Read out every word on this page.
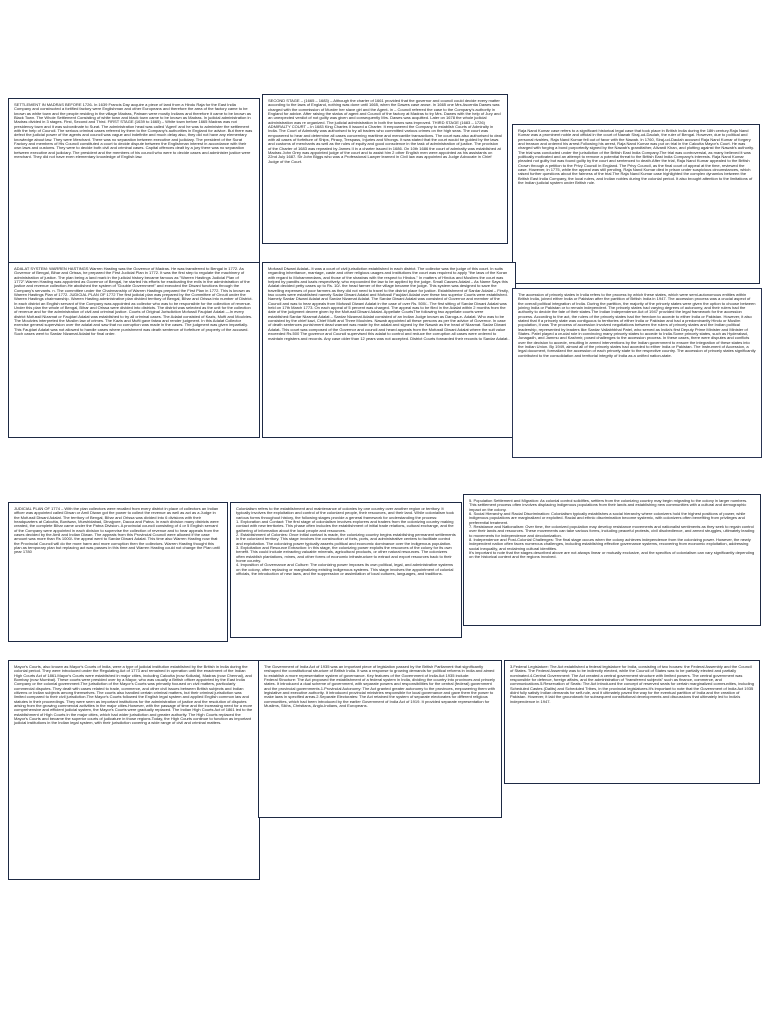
SETTLEMENT IN MADRAS BEFORE 1726- In 1639 Francis Day acquire a piece of land from a Hindu Raja for the East India Company and constructed a fortified factory were Englishman and other Europeans and therefore the area of the factory came to be known as white town and the people residing in the village Madras, Patnam were mostly Indians and therefore it came to be known as Black Town. The Whole Settlement Consisting of white town and black town came to be known as Madras. In judicial administration in Madras divided in 3 stages. First, Second and Third. FIRST STAGE (1639 to 1665) – White town before 1665 Madras was not presidency town and it was subordinate to Surat. The administration head was called 'Agent' and he was to administer the settlement with the help of Council. The serious criminal cases referred by them to the Company's authorities in England for advice. But there was defect the judicial power of the agents and council was vague and indefinite and much delay also, they did not have any elementary knowledge about law. They were Merchant. There was no separation between executive and judiciary. The president of the Surat Factory and members of His Council constituted a court to decide dispute between the Englishman interest in accordance with their own laws and customs. They were to decide both civil and criminal cases. Capital offences dealt by a jury there was no separation between executive and judiciary. The president and the members of his council who were to decide cases and administer justice were merchant. They did not have even elementary knowledge of English law.
SECOND STAGE – (1665 – 1683) – Although the charter of 1661 provided that the governor and council could decide every matter according to the laws of England, nothing was done until 1665, when the Dawes case arose. In 1665 one Mrs Ascentia Dawes was charged with the commission of Murder her slave girl and the Agent- in – Council referred the case to the Company's authority in England for advice. After raising the status of agent and Council of the factory at Madras to try Mrs. Dawes with the help of Jury and an unexpected verdict of not guilty was given and consequently Mrs. Dawes was acquitted. Later on 1678 the whole judicial administration was re organized. The judicial administration in both the towns was improved. THIRD STAGE (1683 – 1726) ADMIRALTY COURT – In 1683 King Charles II issued a Charter. It empowered the Company to establish Courts of Admiralty in India. The Court of Admiralty was authorised to try all traders who committed various crimes on the high seas. The court was empowered to hear and determine all cases concerning maritime and mercantile transactions. The court was also authorised to deal with all cases of forfeiture of Ships, Piracy, Trespass, Injuries and Wrongs. It was stated that the court would be guided by the laws and customs of merchants as well as the rules of equity and good conscience in the task of administration of justice. The provision of the Charter of 1683 was repeated by James II in a charter issued in 1686. On 10th 1686 the court of admiralty was established at Madras John Grey was appointed judge of the court and to assist him 2 other English men were appointed as his assistants on 22nd July 1687. Sir John Biggs who was a Professional Lawyer learned in Civil law was appointed as Judge Advocate in Chief Judge of the Court.
Raja Nand Kumar case refers to a significant historical legal case that took place in British India during the 18th century.Raja Nand Kumar was a prominent noble and official in the court of Nawab Siraj-ud-Daulah, the ruler of Bengal. However, due to political and personal rivalries, Raja Nand Kumar fell out of favor with the Nawab. In 1760, Siraj-ud-Daulah accused Raja Nand Kumar of forgery and treason and ordered his arrest.Following his arrest, Raja Nand Kumar was put on trial in the Calcutta Mayor's Court. He was charged with forging a bond purportedly signed by the Nawab's grandfather, Alivardi Khan, and plotting against the Nawab's authority. The trial was conducted under the jurisdiction of the British East India Company.The trial was controversial, as many believed it was politically motivated and an attempt to remove a potential threat to the British East India Company's interests. Raja Nand Kumar pleaded not guilty but was found guilty by the court and sentenced to death.After the trial, Raja Nand Kumar appealed to the British Crown through a petition to the Privy Council in England. The Privy Council, as the final court of appeal at the time, reviewed the case. However, in 1775, while the appeal was still pending, Raja Nand Kumar died in prison under suspicious circumstances, which raised further questions about the fairness of the trial.The Raja Nand Kumar case highlighted the complex dynamics between the British East India Company, the local rulers, and Indian nobles during the colonial period. It also brought attention to the limitations of the Indian judicial system under British rule.
ADALAT SYSTEM: WARREN HASTINGS Warren Hasting was the Governor of Madras. He was transferred to Bengal in 1772. As Governor of Bengal, Bihar and Orissa, he prepared the First Judicial Plan in 1772. It was the first step to regulate the machinery of administration of justice. The plan being a land mark in the judicial history became famous as "Warren Hastings Judicial Plan of 1772".Warren Hasting was appointed as Governor of Bengal, he started his efforts for eradicating the evils in the administration of the justice and revenue collection.He abolished the system of "Double Government" and executed the Diwani functions through the Company's servants. n. The committee under the Chairmanship of Warren Hastings prepared the First Plan in 1772. This is known as Warren Hastings Plan of 1772. JUDICIAL PLAN OF 1772 The first judicial plan was prepared by the Committee of Circuit under the Warren Hastings chairmanship. Warren Hasting administrative plan divided territory of Bengal, Bihar and Orissa into number of District. In each district an English servant of the Company was appointed as collector who was to be responsible for the collection of revenue. Under this plan the whole of Bengal, Bihar and Orissa were divided into districts. The district was selected as the unit for the collection of revenue and for the administration of civil and criminal justice. Courts of Original Jurisdiction Mofussil Faujdari Adalat —In every district Mofussil Nizamat or Faujdari Adalat was established to try all criminal cases. The Adalat consisted of Kazis, Mufti and Moulvies. The Moulvies interpreted the Muslim law of crimes. The Kazis and Mufti gave fatwa and render judgment. In this Adalat Collector exercise general supervision over the adalat and saw that no corruption was made in the cases. The judgment was given impartially. This Faujdari Adalat was not allowed to handle cases where punishment was death sentence of forfeiture of property of the accused. Such cases went to Sardar Nizamat Adalat for final order.
Mofussil Diwani Adalat– It was a court of civil jurisdiction established in each district. The collector was the judge of this court. In suits regarding inheritance, marriage, caste and other religious usages and institutions the court was required to apply "the laws of the Koran with regard to Mohammedans, and those of the shastras with the respect to Hindus." In matters of Hindus and Muslims the court was helped by pandits and kazis respectively, who expounded the law to be applied by the judge. Small Causes Adalat – As Name Says this Adalat decided petty cases up to Rs. 10/- the head farmer of the village became the judge. This system was designed to save the travelling expenses of poor farmers as they did not need to travel to the district place for justice. Establishment of Sardar Adalat – Firstly, two courts were established namely Sadar Diwani Adalat and Mofussil Faujdari Adalat over these two superior Courts were established. Namely Sardar Diwani Adalat and Sardar Nizamat Adalat. The Sardar Diwani Adalat was consisted of Governor and member of the Council and was to hear appeals from Mofussil Diwani Adalat in the case of over Rs. 500/-. The first sitting of Sardar Diwani Adalat was held on 17th March 1773. On each appeal of 5 percent was charged. The appeal was to be filed in the Adalat within 2 months from the date of the judgment decree given by the Mofussil Diwani Adalat. Appellate CourtsThe following two appellate courts were established:Sardar Nizamat Adalat – Sardar Nizamat Adalat consisted of an Indian Judge known as Daroga-e- Adalat. Who was to be consisted by the chief kazi, Chief Mufti and Three Moulvies. Nawab appointed all these persons as per the advice of Governor. In case of death sentences punishment dead warrant was made by the adalat and signed by the Nawab as the head of Nizamat. Sadar Diwani Adalat- This court was composed of the Governor and council and heard appeals from the Mofussil Diwani Adalat where the suit value exceeded Rs.500 The governor and Council supervised this adalat to control and reduce the corruption all cases were ordered to maintain registers and records. Any case older than 12 years was not accepted. District Courts forwarded their records to Sardar Adalat..
The accession of princely states in India refers to the process by which these states, which were semi-autonomous entities within British India, joined either India or Pakistan after the partition of British India in 1947. The accession process was a crucial aspect of the overall political integration of India. During the partition, the majority of the princely states were given the option to choose between joining India or Pakistan or to remain independent. The princely states had varying degrees of autonomy, and their rulers had the authority to decide the fate of their states.The Indian Independence Act of 1947 provided the legal framework for the accession process. According to the act, the rulers of the princely states had the freedom to accede to either India or Pakistan. However, it also stated that if a princely state was contiguous to territories of either India or Pakistan and had a predominantly Hindu or Muslim population, it was The process of accession involved negotiations between the rulers of princely states and the Indian political leadership, represented by leaders like Sardar Vallabhbhai Patel, who served as India's first Deputy Prime Minister and Minister of States. Patel played a crucial role in convincing many princely states to accede to India.Some princely states, such as Hyderabad, Junagadh, and Jammu and Kashmir, posed challenges to the accession process. In these cases, there were disputes and conflicts over the decision to accede, resulting in armed interventions by the Indian government to ensure the integration of these states into the Indian Union. By 1949, almost all of the princely states had acceded to either India or Pakistan. The Instrument of Accession, a legal document, formalized the accession of each princely state to the respective country. The accession of princely states significantly contributed to the consolidation and territorial integrity of India as a unified nation-state.
JUDICIAL PLAN OF 1774 – With the plan collectors were recalled from every district in place of collectors an Indian officer was appointed called Diwan or Amil Diwan got the power to collect the revenue as well as act as a Judge in the Mofussil Diwani Adalat. The territory of Bengal, Bihar and Orissa was divided into 6 divisions with their headquarters at Calcutta, Burdwan, Murshidabad, Dinajpore, Dacca and Patna. In each division many districts were created, the complete Bihar came under the Patna Division. A provincial council consisting of 4 or 5 English servant of the Company were appointed in each division to supervise the collection of revenue and to hear appeals from the cases decided by the Amil and Indian Diwan. The appeals from this Provincial Council were allowed if the case amount was more than Rs 1000/- the appeal went to Sardar Diwani Adalat. This time also Warren Hasting now that the Provincial Council will do the more harm and more corruption then the collectors. Warren Hasting thought this plan as temporary plan but replacing act was passes in this time and Warren Hasting could not change the Plan until year 1780
Colonialism refers to the establishment and maintenance of colonies by one country over another region or territory. It typically involves the exploitation and control of the colonized people, their resources, and their land. While colonialism took various forms throughout history, the following stages provide a general framework for understanding the process:
1. Exploration and Contact: The first stage of colonialism involves explorers and traders from the colonizing country making contact with new territories. This phase often includes the establishment of initial trade relations, cultural exchange, and the gathering of information about the local people and resources.
2. Establishment of Colonies: Once initial contact is made, the colonizing country begins establishing permanent settlements in the colonized territory. This stage involves the construction of forts, ports, and administrative centers to facilitate control and exploitation. The colonizing power typically asserts political and economic dominance over the indigenous population.
3. Exploitation and Resource Extraction: In this stage, the colonizing power exploits the resources of the colony for its own benefit. This could include extracting valuable minerals, agricultural products, or other natural resources. The colonizers often establish plantations, mines, and other forms of economic infrastructure to extract and export resources back to their home country.
4. Imposition of Governance and Culture: The colonizing power imposes its own political, legal, and administrative systems on the colony, often replacing or marginalizing existing indigenous systems. This stage involves the appointment of colonial officials, the introduction of new laws, and the suppression or assimilation of local cultures, languages, and traditions.
5. Population Settlement and Migration: As colonial control solidifies, settlers from the colonizing country may begin migrating to the colony in larger numbers. This settlement process often involves displacing indigenous populations from their lands and establishing new communities with a cultural and demographic impact on the colony.
6. Social Hierarchy and Racial Discrimination: Colonialism typically establishes a social hierarchy where colonizers hold the highest positions of power, while indigenous populations are marginalized or exploited. Racial and ethnic discrimination become systemic, with colonizers often benefiting from privileges and preferential treatment.
7. Resistance and Nationalism: Over time, the colonized population may develop resistance movements and nationalist sentiments as they seek to regain control over their lands and resources. These movements can take various forms, including peaceful protests, civil disobedience, and armed struggles, ultimately leading to movements for independence and decolonization.
8. Independence and Post-Colonial Challenges: The final stage occurs when the colony achieves independence from the colonizing power. However, the newly independent nation often faces numerous challenges, including establishing effective governance systems, recovering from economic exploitation, addressing social inequality, and reclaiming cultural identities.
It's important to note that the stages described above are not always linear or mutually exclusive, and the specifics of colonialism can vary significantly depending on the historical context and the regions involved.
Mayor's Courts, also known as Mayor's Courts of India, were a type of judicial institution established by the British in India during the colonial period. They were introduced under the Regulating Act of 1773 and remained in operation until the enactment of the Indian High Courts Act of 1861.Mayor's Courts were established in major cities, including Calcutta (now Kolkata), Madras (now Chennai), and Bombay (now Mumbai). These courts were presided over by a Mayor, who was usually a British officer appointed by the East India Company or the colonial government.The jurisdiction of the Mayor's Courts was primarily focused on civil matters, particularly commercial disputes. They dealt with cases related to trade, commerce, and other civil issues between British subjects and Indian citizens or Indian subjects among themselves. The courts also handled certain criminal matters, but their criminal jurisdiction was limited compared to their civil jurisdiction.The Mayor's Courts followed the English legal system and applied English common law and statutes in their proceedings. They were seen as important institutions for the administration of justice and the resolution of disputes arising from the growing commercial activities in the major cities.However, with the passage of time and the increasing need for a more comprehensive and efficient judicial system, the Mayor's Courts were gradually replaced. The Indian High Courts Act of 1861 led to the establishment of High Courts in the major cities, which had wider jurisdiction and greater authority. The High Courts replaced the Mayor's Courts and became the superior courts of judicature in those regions.Today, the High Courts continue to function as important judicial institutions in the Indian legal system, with their jurisdiction covering a wide range of civil and criminal matters.
The Government of India Act of 1935 was an important piece of legislation passed by the British Parliament that significantly reshaped the constitutional structure of British India. It was a response to growing demands for political reforms in India and aimed to establish a more representative system of governance. Key features of the Government of India Act 1935 include:
Federal Structure: The Act proposed the establishment of a federal system in India, dividing the country into provinces and princely states. It introduced a dual scheme of government, with separate powers and responsibilities for the central (federal) government and the provincial governments.1.Provincial Autonomy: The Act granted greater autonomy to the provinces, empowering them with legislative and executive authority. It introduced provincial ministries responsible for local governance and gave them the power to make laws in specified areas.2.Separate Electorates: The Act retained the system of separate electorates for different religious communities, which had been introduced by the earlier Government of India Act of 1919. It provided separate representation for Muslims, Sikhs, Christians, Anglo-Indians, and Europeans.
3.Federal Legislature: The Act established a federal legislature for India, consisting of two houses: the Federal Assembly and the Council of States. The Federal Assembly was to be indirectly elected, while the Council of States was to be partially elected and partially nominated.4.Central Government: The Act created a central government structure with limited powers. The central government was responsible for defence, foreign affairs, and the administration of "transferred subjects" such as finance, commerce, and communications.5.Reservation of Seats: The Act introduced the concept of reserved seats for certain marginalized communities, including Scheduled Castes (Dalits) and Scheduled Tribes, in the provincial legislatures.It's important to note that the Government of India Act 1935 didnt fully satisfy Indian demands for self-rule, and it ultimately paved the way for the eventual partition of India and the creation of Pakistan. However, it laid the groundwork for subsequent constitutional developments and discussions that ultimately led to India's independence in 1947.
